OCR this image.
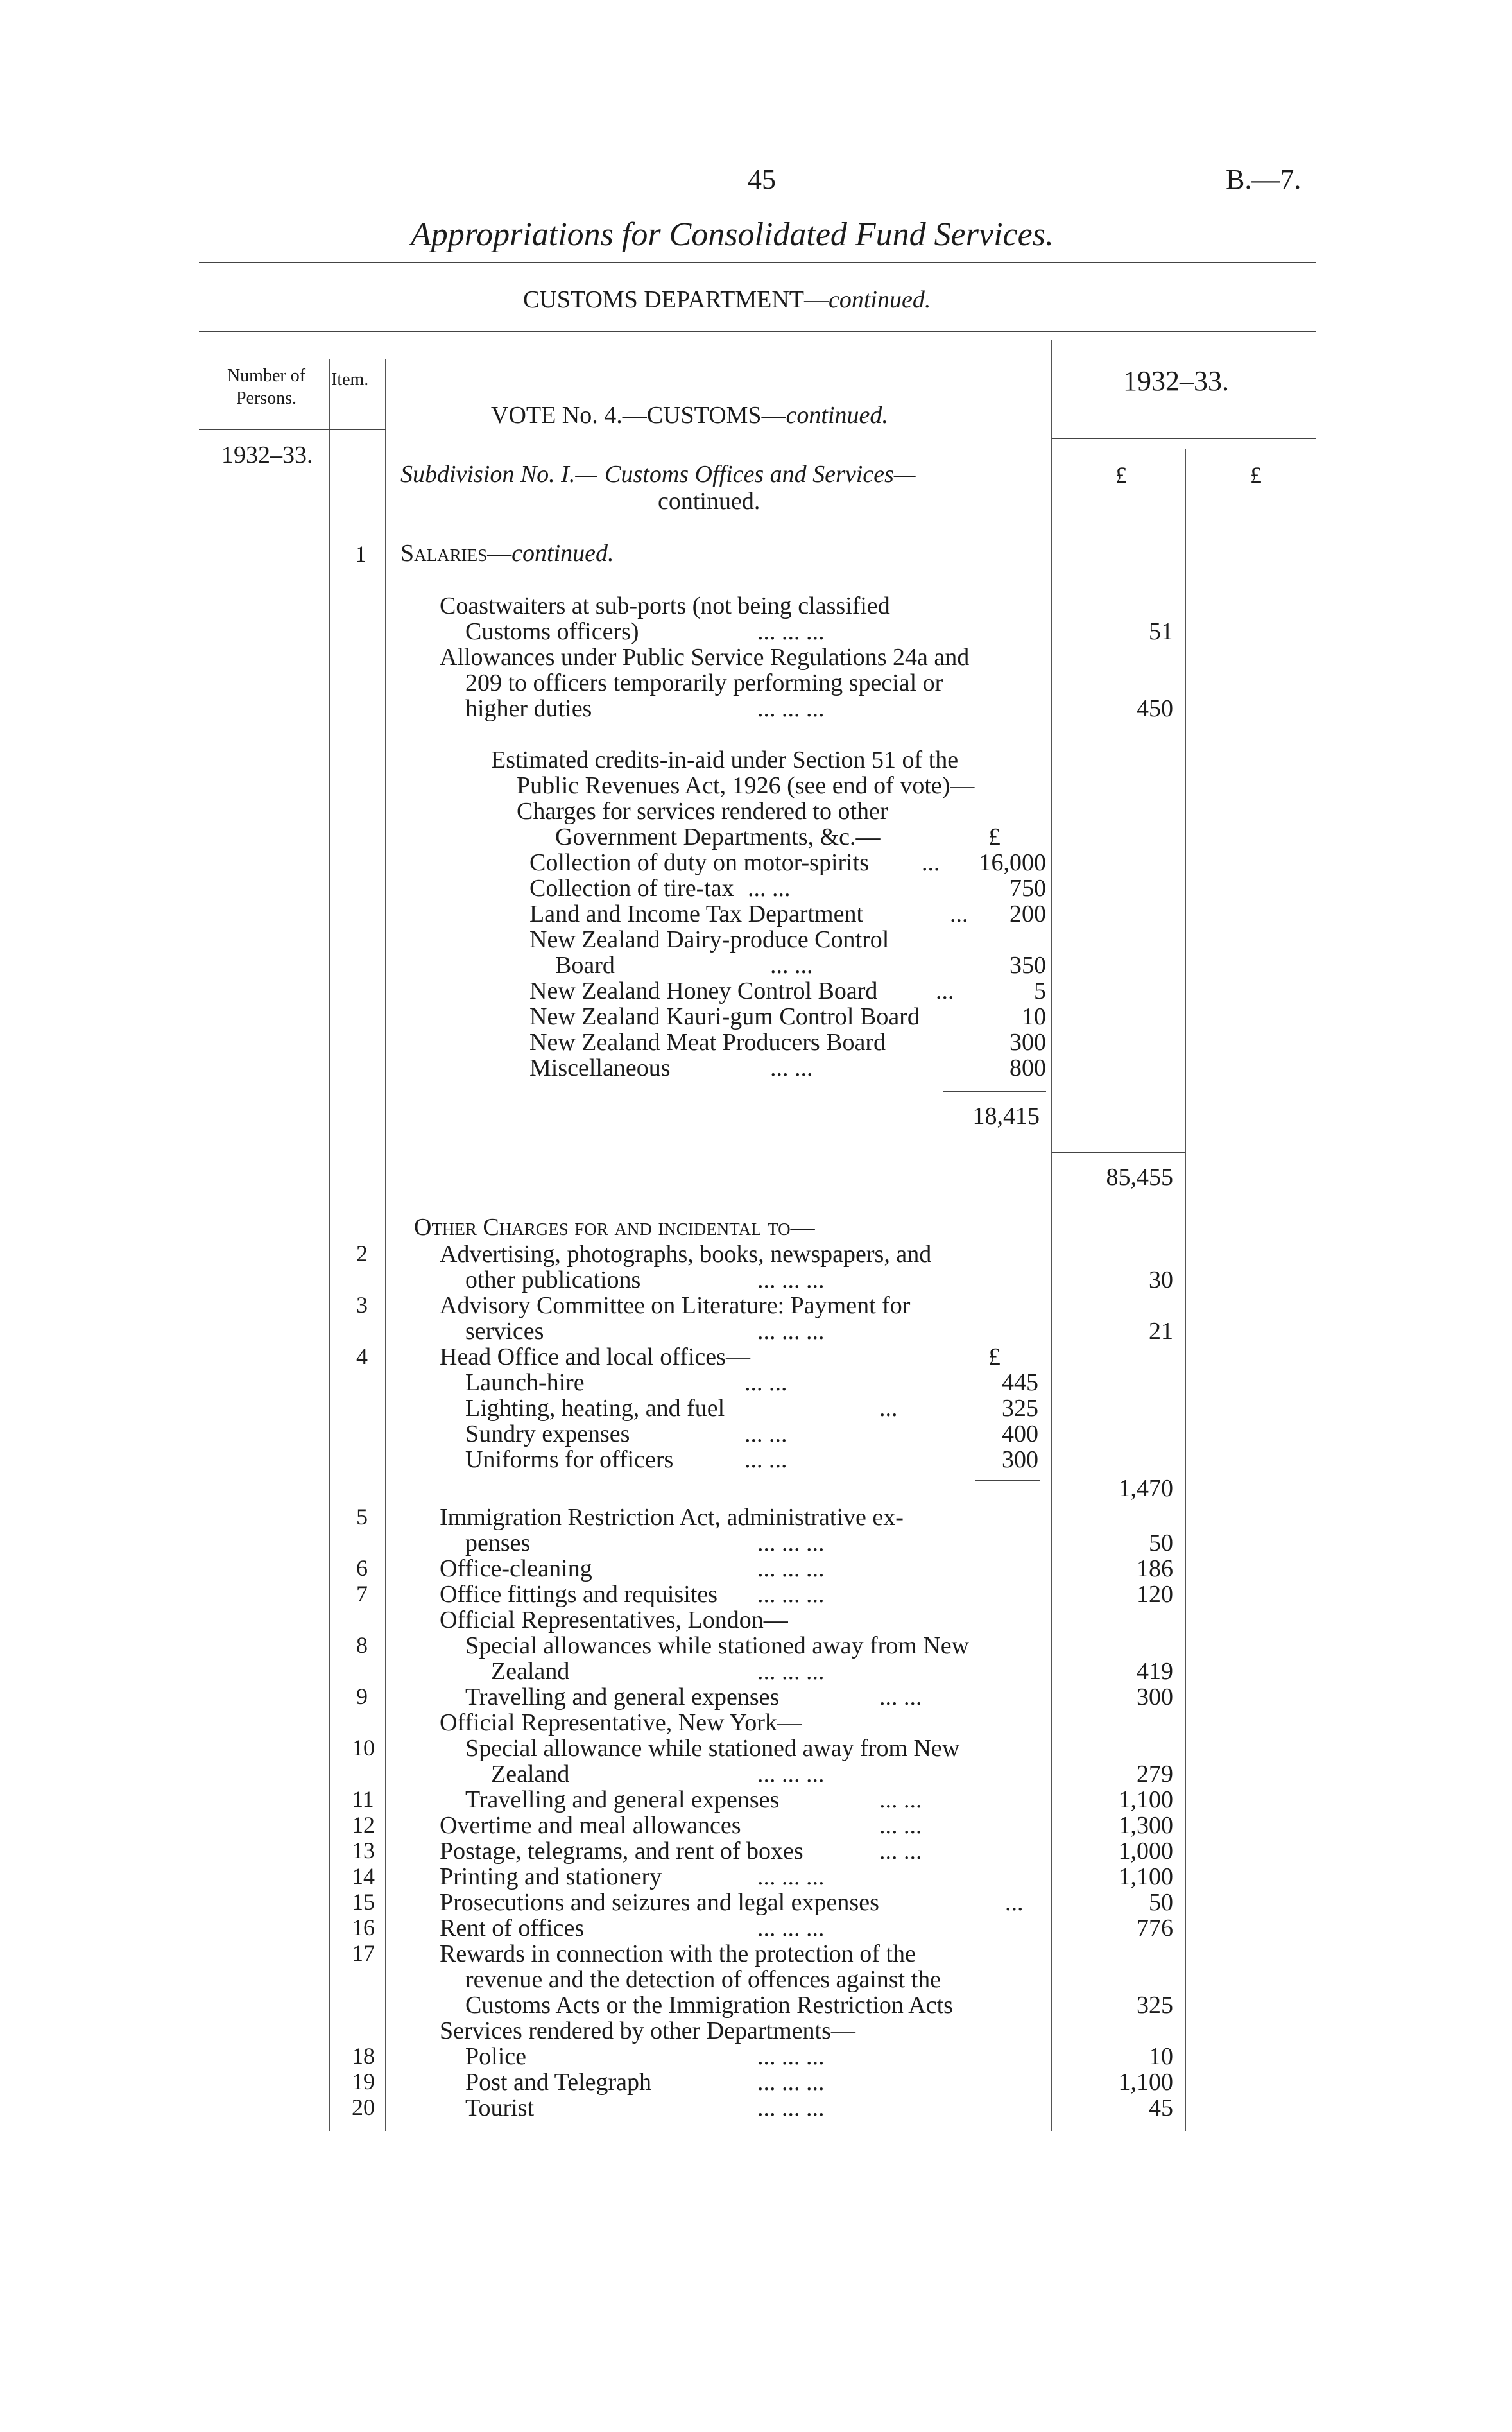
45	B.—7.
Appropriations for Consolidated Fund Services.
CUSTOMS DEPARTMENT—continued.
Number of Persons.
Item.
VOTE No. 4.—CUSTOMS—continued.
1932–33.
1932–33.
£	£
Subdivision No. I.— Customs Offices and Services—
continued.
1 Salaries—continued.
Coastwaiters at sub-ports (not being classified
Customs officers)	... ... ...	51
Allowances under Public Service Regulations 24a and
209 to officers temporarily performing special or
higher duties	... ... ...	450
Estimated credits-in-aid under Section 51 of the
Public Revenues Act, 1926 (see end of vote)—
Charges for services rendered to other
Government Departments, &c.—	£
Collection of duty on motor-spirits ...	16,000
Collection of tire-tax ... ...	750
Land and Income Tax Department	...	200
New Zealand Dairy-produce Control
Board	... ...	350
New Zealand Honey Control Board ...	5
New Zealand Kauri-gum Control Board	10
New Zealand Meat Producers Board	300
Miscellaneous	... ...	800
18,415
85,455
Other Charges for and incidental to—
2	Advertising, photographs, books, newspapers, and
other publications	... ... ...	30
3	Advisory Committee on Literature: Payment for
services	... ... ...	21
4	Head Office and local offices—	£
Launch-hire	... ...	445
Lighting, heating, and fuel	...	325
Sundry expenses	... ...	400
Uniforms for officers	... ...	300
1,470
5	Immigration Restriction Act, administrative ex-
penses	... ... ...	50
6	Office-cleaning	... ... ...	186
7	Office fittings and requisites ... ... ...	120
Official Representatives, London—
8	Special allowances while stationed away from New
Zealand	... ... ...	419
9	Travelling and general expenses	... ...	300
Official Representative, New York—
10	Special allowance while stationed away from New
Zealand	... ... ...	279
11	Travelling and general expenses	... ...	1,100
12	Overtime and meal allowances	... ...	1,300
13	Postage, telegrams, and rent of boxes	... ...	1,000
14	Printing and stationery	... ... ...	1,100
15	Prosecutions and seizures and legal expenses	...	50
16	Rent of offices	... ... ...	776
17	Rewards in connection with the protection of the
revenue and the detection of offences against the
Customs Acts or the Immigration Restriction Acts	325
Services rendered by other Departments—
18	Police	... ... ...	10
19	Post and Telegraph	... ... ...	1,100
20	Tourist	... ... ...	45
